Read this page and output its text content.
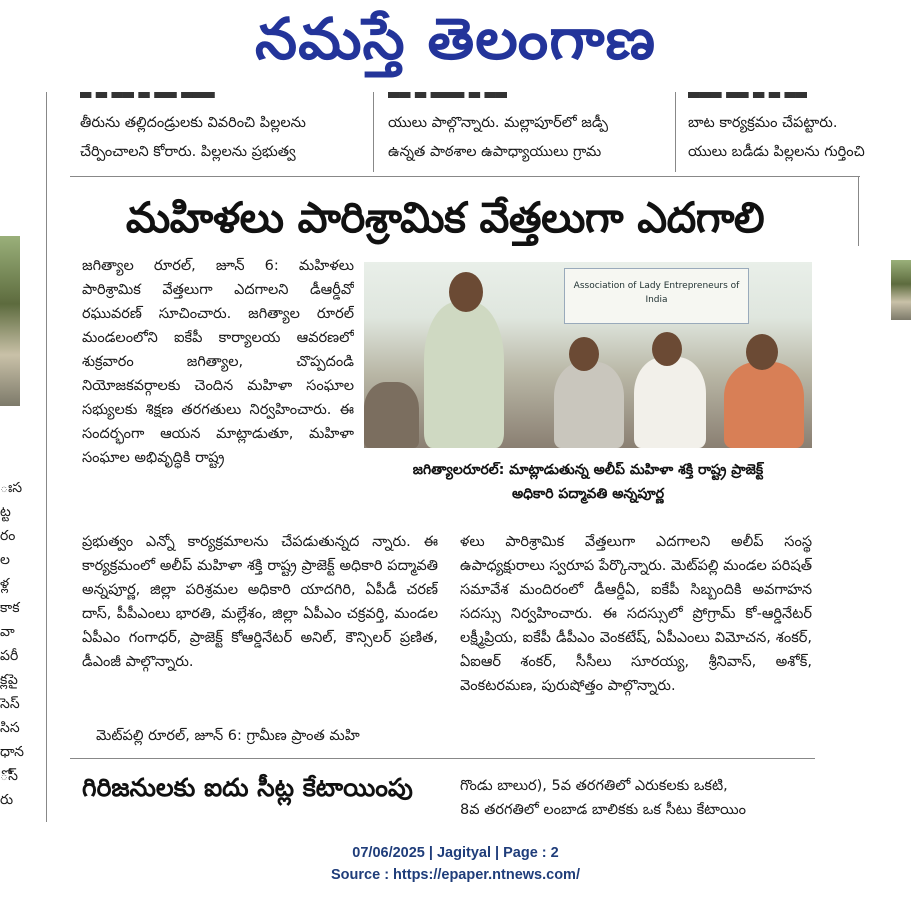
నమస్తే తెలంగాణ
▀ ▀ ▀▀ ▀ ▀▀ ▀▀▀
తీరును తల్లిదండ్రులకు వివరించి పిల్లలను
చేర్పించాలని కోరారు. పిల్లలను ప్రభుత్వ
▀▀ ▀ ▀▀▀ ▀ ▀▀
యులు పాల్గొన్నారు. మల్లాపూర్‌లో జడ్పీ
ఉన్నత పాఠశాల ఉపాధ్యాయులు గ్రామ
▀▀▀ ▀▀ ▀ ▀ ▀▀
బాట కార్యక్రమం చేపట్టారు.
యులు బడీడు పిల్లలను గుర్తించి
ఃస
ట్ట
రం
ల
ళ్ల
కాక
వా
పరీ
క్లపై
సెస్
సిస
ధాన
ోస్
రు
మహిళలు పారిశ్రామిక వేత్తలుగా ఎదగాలి

జగిత్యాల రూరల్, జూన్ 6: మహిళలు పారిశ్రామిక వేత్తలుగా ఎదగాలని డీఆర్డీవో రఘువరణ్ సూచించారు. జగిత్యాల రూరల్ మండలంలోని ఐకేపీ కార్యాలయ ఆవరణలో శుక్రవారం జగిత్యాల, చొప్పదండి నియోజకవర్గాలకు చెందిన మహిళా సంఘాల సభ్యులకు శిక్షణ తరగతులు నిర్వహించారు. ఈ సందర్భంగా ఆయన మాట్లాడుతూ, మహిళా సంఘాల అభివృద్ధికి రాష్ట్ర

Association of Lady Entrepreneurs of India
జగిత్యాలరూరల్: మాట్లాడుతున్న అలీప్ మహిళా శక్తి రాష్ట్ర ప్రాజెక్ట్
అధికారి పద్మావతి అన్నపూర్ణ

ప్రభుత్వం ఎన్నో కార్యక్రమాలను చేపడుతున్నద న్నారు. ఈ కార్యక్రమంలో అలీప్ మహిళా శక్తి రాష్ట్ర ప్రాజెక్ట్ అధికారి పద్మావతి అన్నపూర్ణ, జిల్లా పరిశ్రమల అధికారి యాదగిరి, ఏపీడీ చరణ్ దాస్, పీపీఎంలు భారతి, మల్లేశం, జిల్లా ఏపీఎం చక్రవర్తి, మండల ఏపీఎం గంగాధర్, ప్రాజెక్ట్ కోఆర్డినేటర్ అనిల్, కౌన్సిలర్ ప్రణిత, డీఎంజీ పాల్గొన్నారు.

మెట్‌పల్లి రూరల్, జూన్ 6: గ్రామీణ ప్రాంత మహి

ళలు పారిశ్రామిక వేత్తలుగా ఎదగాలని అలీప్ సంస్థ ఉపాధ్యక్షురాలు స్వరూప పేర్కొన్నారు. మెట్‌పల్లి మండల పరిషత్ సమావేశ మందిరంలో డీఆర్డీఏ, ఐకేపీ సిబ్బందికి అవగాహన సదస్సు నిర్వహించారు. ఈ సదస్సులో ప్రోగ్రామ్ కో-ఆర్డినేటర్ లక్ష్మీప్రియ, ఐకేపీ డీపీఎం వెంకటేష్, ఏపీఎంలు విమోచన, శంకర్, ఏఐఆర్ శంకర్, సీసీలు సూరయ్య, శ్రీనివాస్, అశోక్, వెంకటరమణ, పురుషోత్తం పాల్గొన్నారు.

గిరిజనులకు ఐదు సీట్ల కేటాయింపు	గొండు బాలుర), 5వ తరగతిలో ఎరుకలకు ఒకటి,
8వ తరగతిలో లంబాడ బాలికకు ఒక సీటు కేటాయిం
07/06/2025 | Jagityal | Page : 2
Source : https://epaper.ntnews.com/
